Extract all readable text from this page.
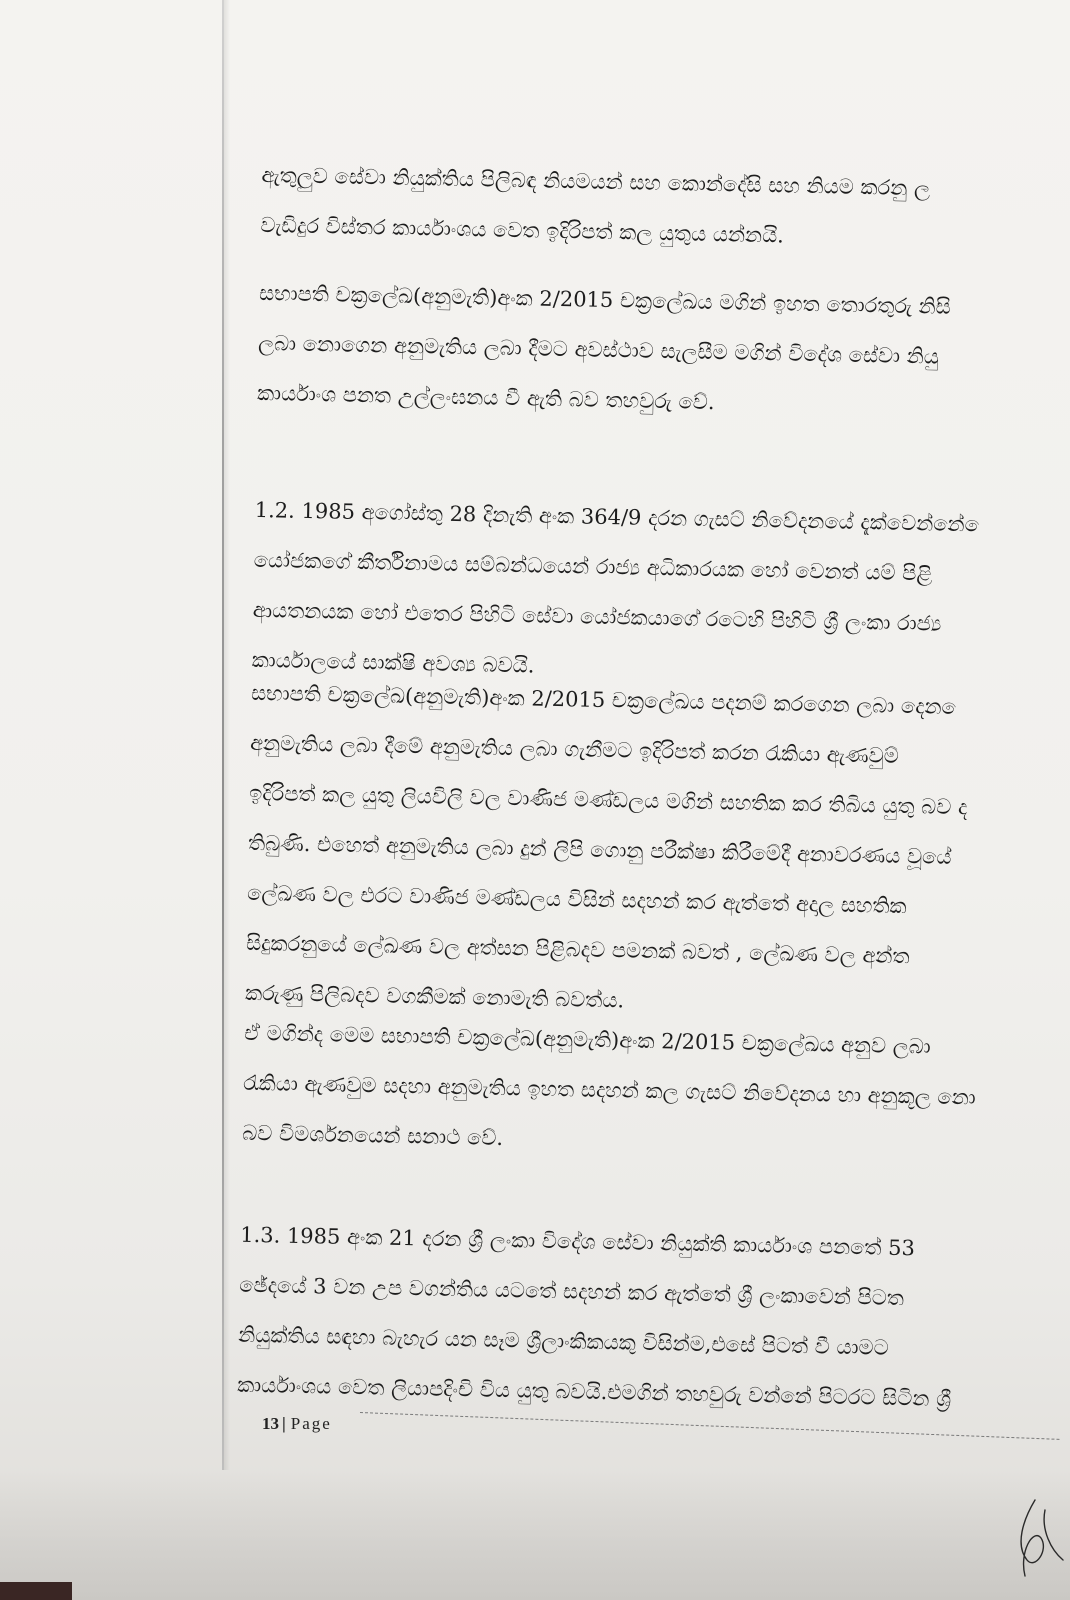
ඇතුලුව සේවා නියුක්තිය පිලිබඳ නියමයන් සහ කොන්දේසි සහ නියම කරනු ල
වැඩිදුර විස්තර කාර්යාංශය වෙත ඉදිරිපත් කල යුතුය යන්නයි.
සභාපති චක්‍රලේඛ(අනුමැති)අංක 2/2015 චක්‍රලේඛය මගින් ඉහත තොරතුරු නිසි
ලබා නොගෙන අනුමැතිය ලබා දීමට අවස්ථාව සැලසීම මගින් විදේශ සේවා නියු
කාර්යාංශ පනත උල්ලංඝනය වී ඇති බව තහවුරු වේ.
1.2. 1985 අගෝස්තු 28 දිනැති අංක 364/9 දරන ගැසට් නිවේදනයේ දැක්වෙන්නේ ෙ
යෝජකගේ කීර්තිනාමය සම්බන්ධයෙන් රාජ්‍ය අධිකාරයක හෝ වෙනත් යම් පිළි
ආයතනයක හෝ එතෙර පිහිටි සේවා යෝජකයාගේ රටෙහි පිහිටි ශ්‍රී ලංකා රාජ්‍ය
කාර්යාලයේ සාක්ෂි අවශ්‍ය බවයි.
සභාපති චක්‍රලේඛ(අනුමැති)අංක 2/2015 චක්‍රලේඛය පදනම් කරගෙන ලබා දෙන ෙ
අනුමැතිය ලබා දීමේ අනුමැතිය ලබා ගැනීමට ඉදිරිපත් කරන රැකියා ඇණවුම්
ඉදිරිපත් කල යුතු ලියවිලි වල වාණිජ මණ්ඩලය මගින් සහතික කර තිබිය යුතු බව ද
තිබුණි. එහෙත් අනුමැතිය ලබා දුන් ලිපි ගොනු පරීක්ෂා කිරීමේදී අනාවරණය වූයේ
ලේඛණ වල එරට වාණිජ මණ්ඩලය විසින් සදහන් කර ඇත්තේ අදාල සහතික
සිදුකරනුයේ ලේඛණ වල අත්සන පිළිබදව පමනක් බවත් , ලේඛණ වල අන්ත
කරුණු පිලිබදව වගකීමක් නොමැති බවත්ය.
ඒ මගින්ද මෙම සභාපති චක්‍රලේඛ(අනුමැති)අංක 2/2015 චක්‍රලේඛය අනුව ලබා
රැකියා ඇණවුම සදහා අනුමැතිය ඉහත සදහන් කල ගැසට් නිවේදනය හා අනුකූල නො
බව විමර්ශනයෙන් සනාථ වේ.
1.3. 1985 අංක 21 දරන ශ්‍රී ලංකා විදේශ සේවා නියුක්ති කාර්යාංශ පනතේ 53
ඡේදයේ 3 වන උප වගන්තිය යටතේ සදහන් කර ඇත්තේ ශ්‍රී ලංකාවෙන් පිටත
නියුක්තිය සඳහා බැහැර යන සෑම ශ්‍රීලාංකිකයකු විසින්ම,එසේ පිටත් වී යාමට
කාර්යාංශය වෙත ලියාපදිංචි විය යුතු බවයි.එමගින් තහවුරු වන්නේ පිටරට සිටින ශ්‍රී
13 | Page
